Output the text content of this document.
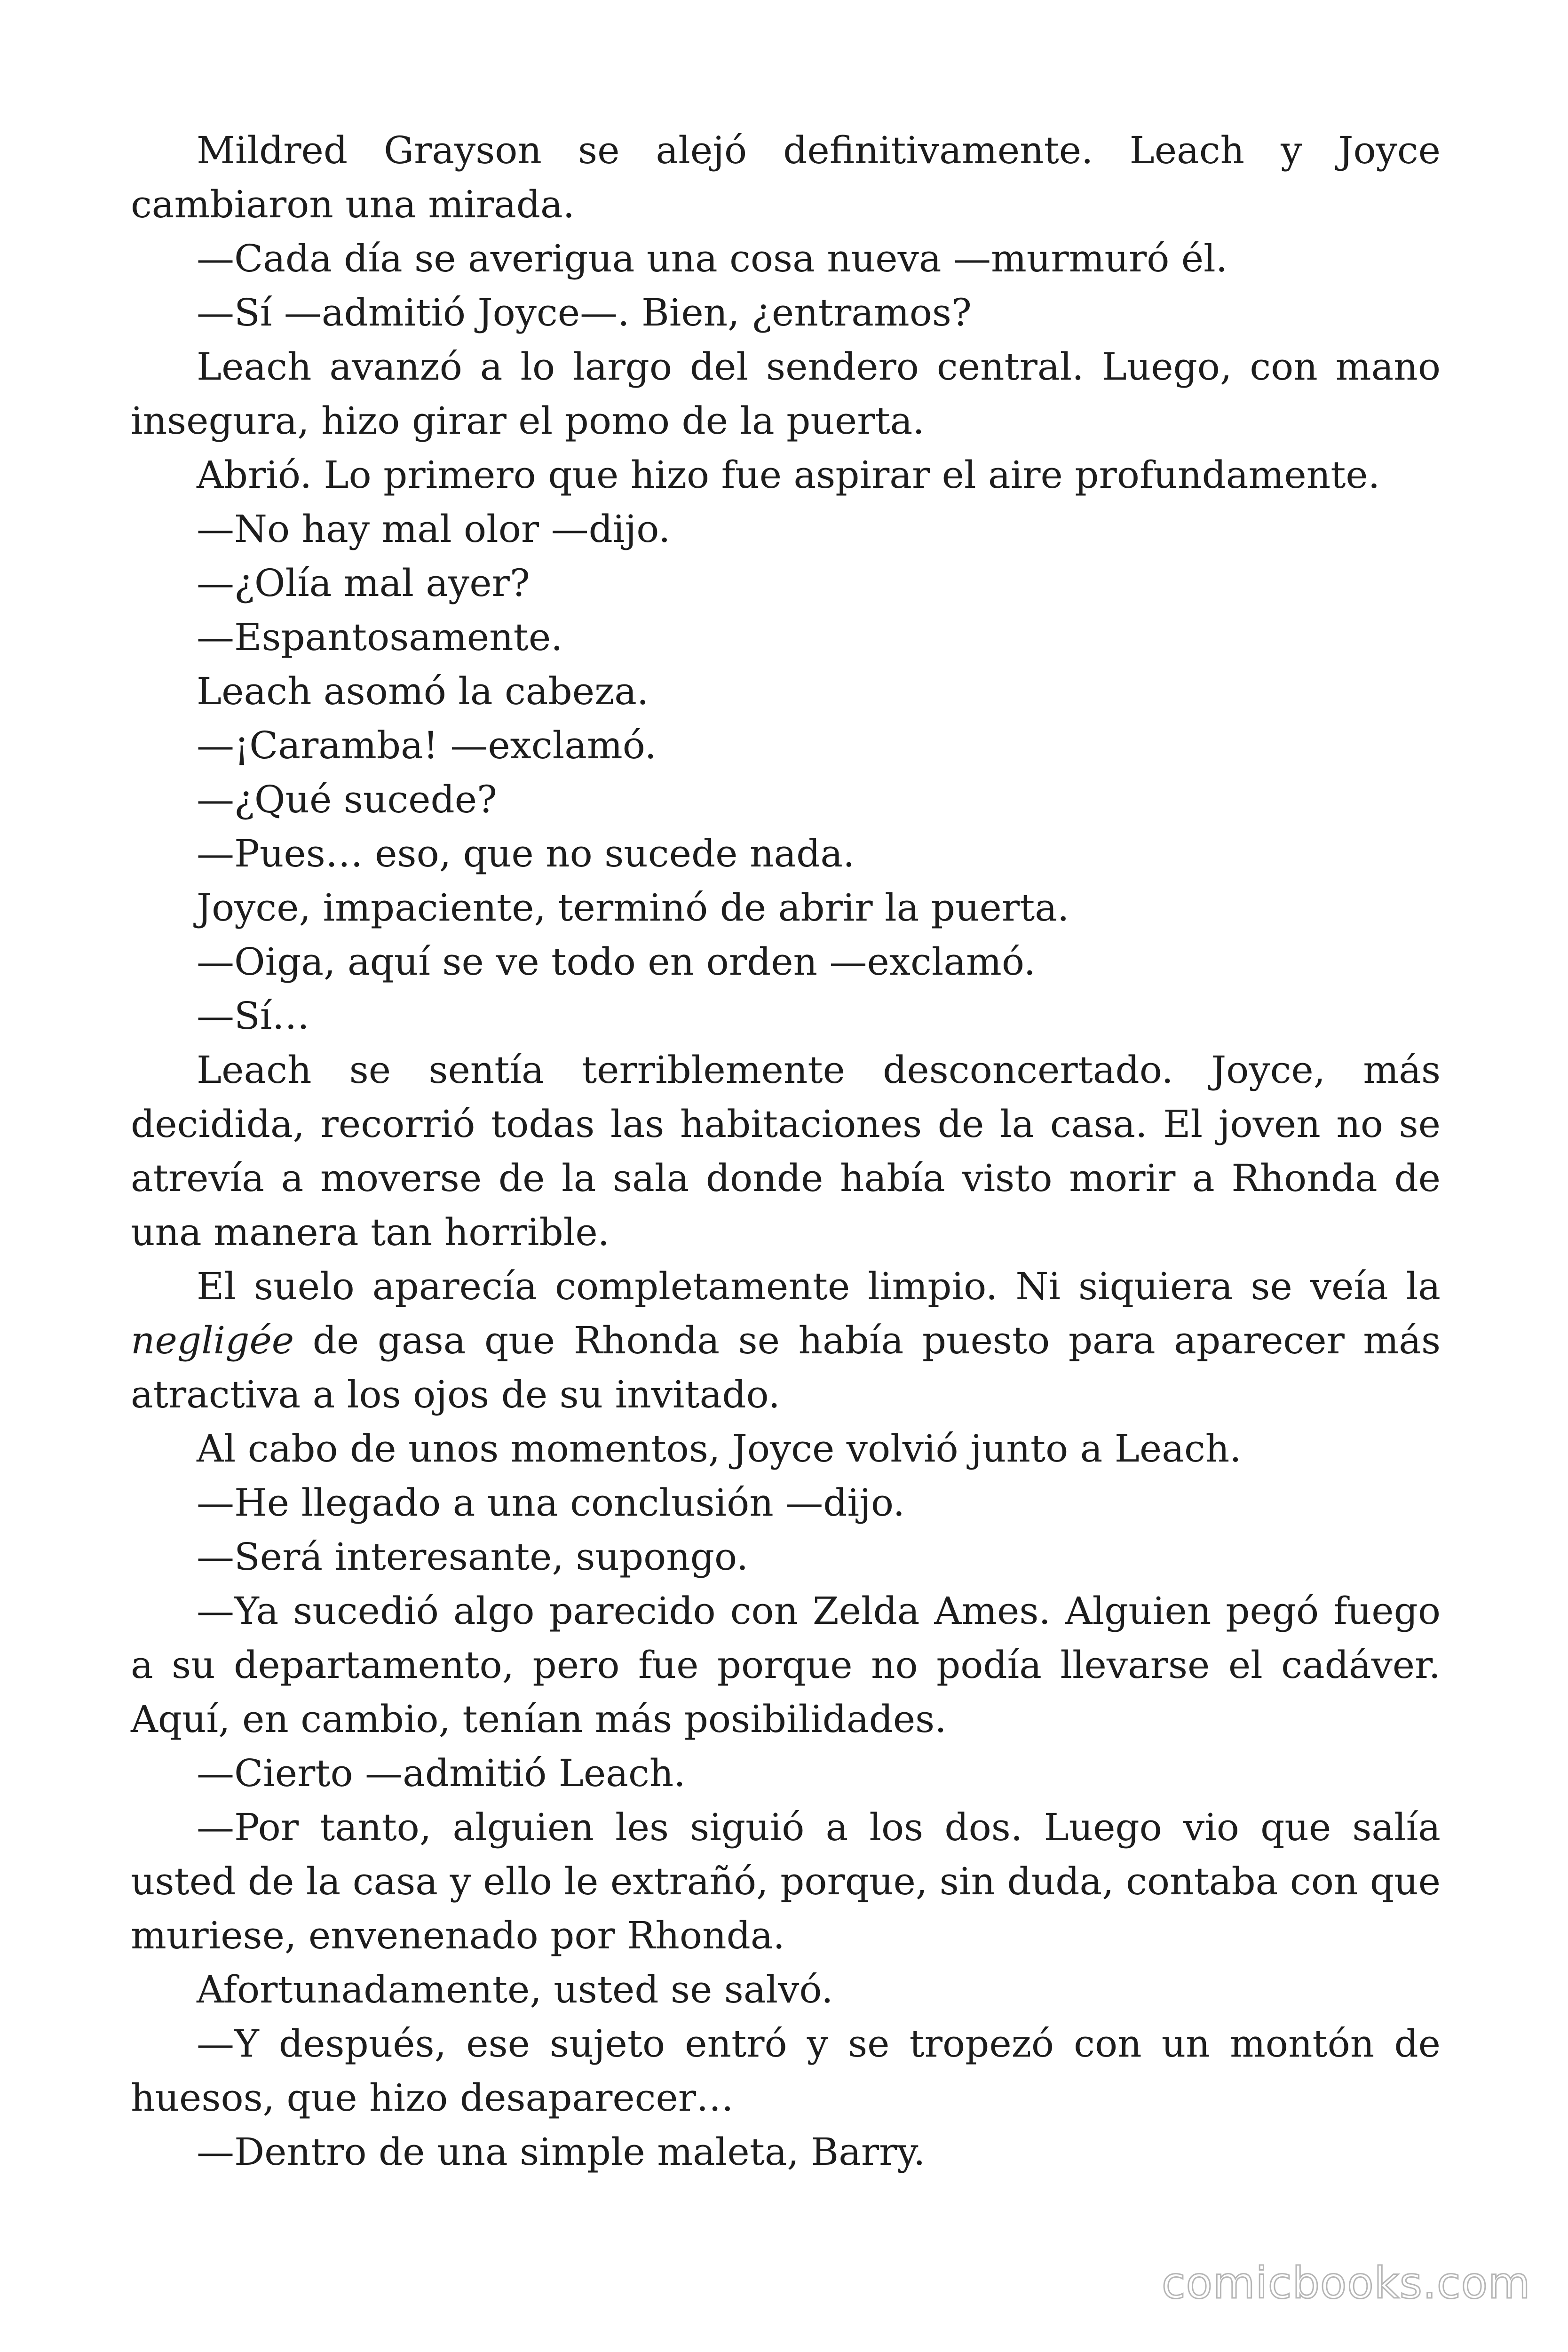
Mildred Grayson se alejó definitivamente. Leach y Joyce cambiaron una mirada.

—Cada día se averigua una cosa nueva —murmuró él.

—Sí —admitió Joyce—. Bien, ¿entramos?

Leach avanzó a lo largo del sendero central. Luego, con mano insegura, hizo girar el pomo de la puerta.

Abrió. Lo primero que hizo fue aspirar el aire profundamente.

—No hay mal olor —dijo.

—¿Olía mal ayer?

—Espantosamente.

Leach asomó la cabeza.

—¡Caramba! —exclamó.

—¿Qué sucede?

—Pues… eso, que no sucede nada.

Joyce, impaciente, terminó de abrir la puerta.

—Oiga, aquí se ve todo en orden —exclamó.

—Sí…

Leach se sentía terriblemente desconcertado. Joyce, más decidida, recorrió todas las habitaciones de la casa. El joven no se atrevía a moverse de la sala donde había visto morir a Rhonda de una manera tan horrible.

El suelo aparecía completamente limpio. Ni siquiera se veía la negligée de gasa que Rhonda se había puesto para aparecer más atractiva a los ojos de su invitado.

Al cabo de unos momentos, Joyce volvió junto a Leach.

—He llegado a una conclusión —dijo.

—Será interesante, supongo.

—Ya sucedió algo parecido con Zelda Ames. Alguien pegó fuego a su departamento, pero fue porque no podía llevarse el cadáver. Aquí, en cambio, tenían más posibilidades.

—Cierto —admitió Leach.

—Por tanto, alguien les siguió a los dos. Luego vio que salía usted de la casa y ello le extrañó, porque, sin duda, contaba con que muriese, envenenado por Rhonda.

Afortunadamente, usted se salvó.

—Y después, ese sujeto entró y se tropezó con un montón de huesos, que hizo desaparecer…

—Dentro de una simple maleta, Barry.

comicbooks.com
